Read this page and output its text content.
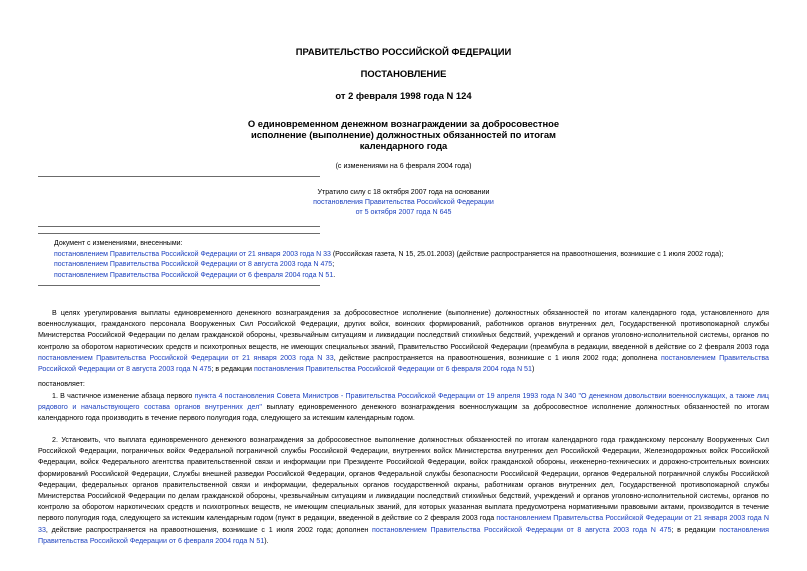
ПРАВИТЕЛЬСТВО РОССИЙСКОЙ ФЕДЕРАЦИИ
ПОСТАНОВЛЕНИЕ
от 2 февраля 1998 года N 124
О единовременном денежном вознаграждении за добросовестное
исполнение (выполнение) должностных обязанностей по итогам
календарного года
(с изменениями на 6 февраля 2004 года)
Утратило силу с 18 октября 2007 года на основании
постановления Правительства Российской Федерации
от 5 октября 2007 года N 645
Документ с изменениями, внесенными:
постановлением Правительства Российской Федерации от 21 января 2003 года N 33 (Российская газета, N 15, 25.01.2003) (действие распространяется на правоотношения, возникшие с 1 июля 2002 года);
постановлением Правительства Российской Федерации от 8 августа 2003 года N 475;
постановлением Правительства Российской Федерации от 6 февраля 2004 года N 51.

В целях урегулирования выплаты единовременного денежного вознаграждения за добросовестное исполнение (выполнение) должностных обязанностей по итогам календарного года, установленного для военнослужащих, гражданского персонала Вооруженных Сил Российской Федерации, других войск, воинских формирований, работников органов внутренних дел, Государственной противопожарной службы Министерства Российской Федерации по делам гражданской обороны, чрезвычайным ситуациям и ликвидации последствий стихийных бедствий, учреждений и органов уголовно-исполнительной системы, органов по контролю за оборотом наркотических средств и психотропных веществ, не имеющих специальных званий, Правительство Российской Федерации (преамбула в редакции, введенной в действие со 2 февраля 2003 года постановлением Правительства Российской Федерации от 21 января 2003 года N 33, действие распространяется на правоотношения, возникшие с 1 июля 2002 года; дополнена постановлением Правительства Российской Федерации от 8 августа 2003 года N 475; в редакции постановления Правительства Российской Федерации от 6 февраля 2004 года N 51)

постановляет:

1. В частичное изменение абзаца первого пункта 4 постановления Совета Министров - Правительства Российской Федерации от 19 апреля 1993 года N 340 "О денежном довольствии военнослужащих, а также лиц рядового и начальствующего состава органов внутренних дел" выплату единовременного денежного вознаграждения военнослужащим за добросовестное исполнение должностных обязанностей по итогам календарного года производить в течение первого полугодия года, следующего за истекшим календарным годом.

2. Установить, что выплата единовременного денежного вознаграждения за добросовестное выполнение должностных обязанностей по итогам календарного года гражданскому персоналу Вооруженных Сил Российской Федерации, пограничных войск Федеральной пограничной службы Российской Федерации, внутренних войск Министерства внутренних дел Российской Федерации, Железнодорожных войск Российской Федерации, войск Федерального агентства правительственной связи и информации при Президенте Российской Федерации, войск гражданской обороны, инженерно-технических и дорожно-строительных воинских формирований Российской Федерации, Службы внешней разведки Российской Федерации, органов Федеральной службы безопасности Российской Федерации, органов Федеральной пограничной службы Российской Федерации, федеральных органов правительственной связи и информации, федеральных органов государственной охраны, работникам органов внутренних дел, Государственной противопожарной службы Министерства Российской Федерации по делам гражданской обороны, чрезвычайным ситуациям и ликвидации последствий стихийных бедствий, учреждений и органов уголовно-исполнительной системы, органов по контролю за оборотом наркотических средств и психотропных веществ, не имеющим специальных званий, для которых указанная выплата предусмотрена нормативными правовыми актами, производится в течение первого полугодия года, следующего за истекшим календарным годом (пункт в редакции, введенной в действие со 2 февраля 2003 года постановлением Правительства Российской Федерации от 21 января 2003 года N 33, действие распространяется на правоотношения, возникшие с 1 июля 2002 года; дополнен постановлением Правительства Российской Федерации от 8 августа 2003 года N 475; в редакции постановления Правительства Российской Федерации от 6 февраля 2004 года N 51).
